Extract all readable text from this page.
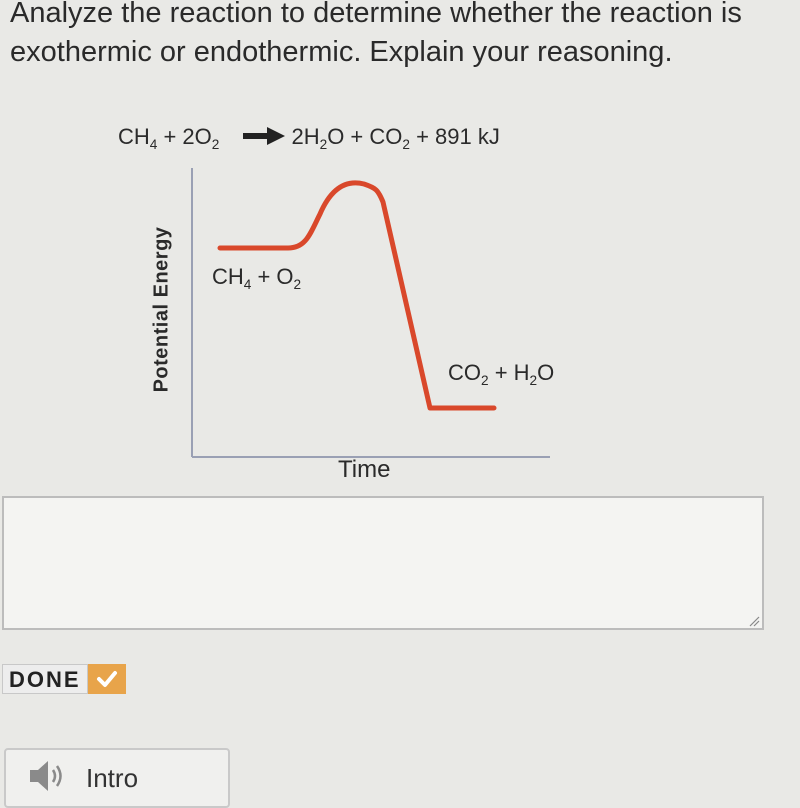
Analyze the reaction to determine whether the reaction is exothermic or endothermic. Explain your reasoning.

$CH_4 + 2O_2 \to 2H_2O + CO_2 + 891$ kJ
Potential Energy
Time
$CH_4 + O_2$
$CO_2 + H_2O$
DONE
Intro
